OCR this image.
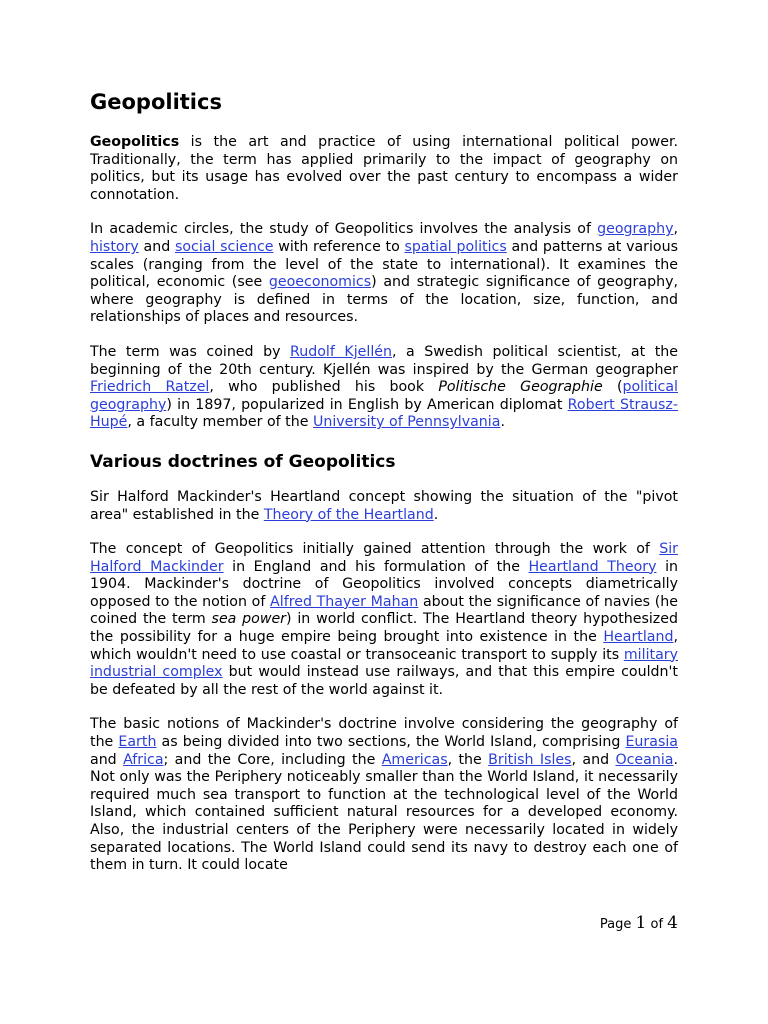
Geopolitics

Geopolitics is the art and practice of using international political power. Traditionally, the term has applied primarily to the impact of geography on politics, but its usage has evolved over the past century to encompass a wider connotation.

In academic circles, the study of Geopolitics involves the analysis of geography, history and social science with reference to spatial politics and patterns at various scales (ranging from the level of the state to international). It examines the political, economic (see geoeconomics) and strategic significance of geography, where geography is defined in terms of the location, size, function, and relationships of places and resources.

The term was coined by Rudolf Kjellén, a Swedish political scientist, at the beginning of the 20th century. Kjellén was inspired by the German geographer Friedrich Ratzel, who published his book Politische Geographie (political geography) in 1897, popularized in English by American diplomat Robert Strausz-Hupé, a faculty member of the University of Pennsylvania.

Various doctrines of Geopolitics

Sir Halford Mackinder's Heartland concept showing the situation of the "pivot area" established in the Theory of the Heartland.

The concept of Geopolitics initially gained attention through the work of Sir Halford Mackinder in England and his formulation of the Heartland Theory in 1904. Mackinder's doctrine of Geopolitics involved concepts diametrically opposed to the notion of Alfred Thayer Mahan about the significance of navies (he coined the term sea power) in world conflict. The Heartland theory hypothesized the possibility for a huge empire being brought into existence in the Heartland, which wouldn't need to use coastal or transoceanic transport to supply its military industrial complex but would instead use railways, and that this empire couldn't be defeated by all the rest of the world against it.

The basic notions of Mackinder's doctrine involve considering the geography of the Earth as being divided into two sections, the World Island, comprising Eurasia and Africa; and the Core, including the Americas, the British Isles, and Oceania. Not only was the Periphery noticeably smaller than the World Island, it necessarily required much sea transport to function at the technological level of the World Island, which contained sufficient natural resources for a developed economy. Also, the industrial centers of the Periphery were necessarily located in widely separated locations. The World Island could send its navy to destroy each one of them in turn. It could locate

Page 1 of 4
